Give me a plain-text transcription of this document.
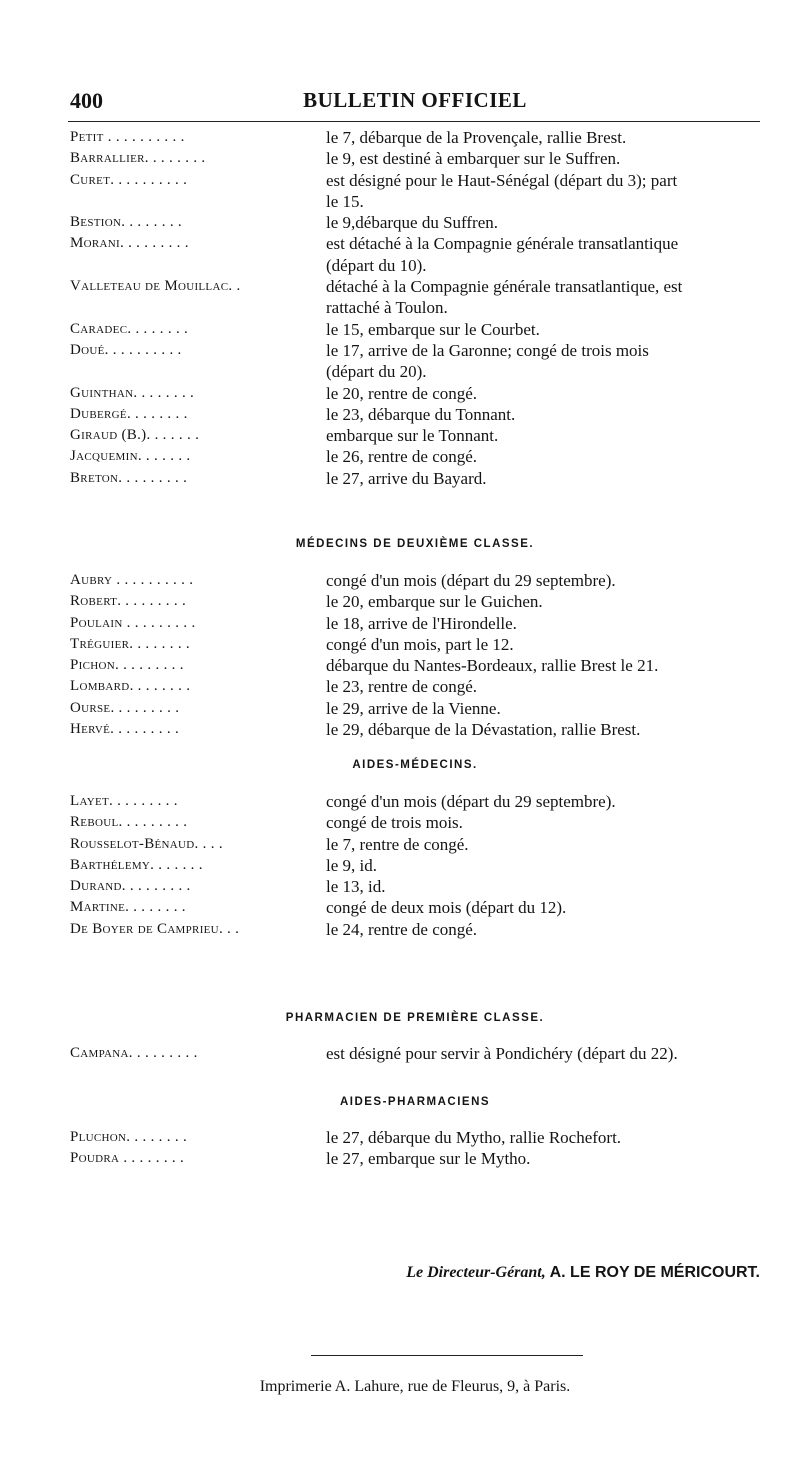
BULLETIN OFFICIEL
400
Petit . . . . . . . . . .	le 7, débarque de la Provençale, rallie Brest.
Barrallier. . . . . . . .	le 9, est destiné à embarquer sur le Suffren.
Curet. . . . . . . . . .	est désigné pour le Haut-Sénégal (départ du 3); part
le 15.
Bestion. . . . . . . .	le 9,débarque du Suffren.
Morani. . . . . . . . .	est détaché à la Compagnie générale transatlantique
(départ du 10).
Valleteau de Mouillac. .	détaché à la Compagnie générale transatlantique, est
rattaché à Toulon.
Caradec. . . . . . . .	le 15, embarque sur le Courbet.
Doué. . . . . . . . . .	le 17, arrive de la Garonne; congé de trois mois
(départ du 20).
Guinthan. . . . . . . .	le 20, rentre de congé.
Dubergé. . . . . . . .	le 23, débarque du Tonnant.
Giraud (B.). . . . . . .	embarque sur le Tonnant.
Jacquemin. . . . . . .	le 26, rentre de congé.
Breton. . . . . . . . .	le 27, arrive du Bayard.
MÉDECINS DE DEUXIÈME CLASSE.
Aubry . . . . . . . . . .	congé d'un mois (départ du 29 septembre).
Robert. . . . . . . . .	le 20, embarque sur le Guichen.
Poulain . . . . . . . . .	le 18, arrive de l'Hirondelle.
Tréguier. . . . . . . .	congé d'un mois, part le 12.
Pichon. . . . . . . . .	débarque du Nantes-Bordeaux, rallie Brest le 21.
Lombard. . . . . . . .	le 23, rentre de congé.
Ourse. . . . . . . . .	le 29, arrive de la Vienne.
Hervé. . . . . . . . .	le 29, débarque de la Dévastation, rallie Brest.
AIDES-MÉDECINS.
Layet. . . . . . . . .	congé d'un mois (départ du 29 septembre).
Reboul. . . . . . . . .	congé de trois mois.
Rousselot-Bénaud. . . .	le 7, rentre de congé.
Barthélemy. . . . . . .	le 9, id.
Durand. . . . . . . . .	le 13, id.
Martine. . . . . . . .	congé de deux mois (départ du 12).
De Boyer de Camprieu. . .	le 24, rentre de congé.
PHARMACIEN DE PREMIÈRE CLASSE.
Campana. . . . . . . . .	est désigné pour servir à Pondichéry (départ du 22).
AIDES-PHARMACIENS
Pluchon. . . . . . . .	le 27, débarque du Mytho, rallie Rochefort.
Poudra . . . . . . . .	le 27, embarque sur le Mytho.
Le Directeur-Gérant, A. LE ROY DE MÉRICOURT.
Imprimerie A. Lahure, rue de Fleurus, 9, à Paris.
